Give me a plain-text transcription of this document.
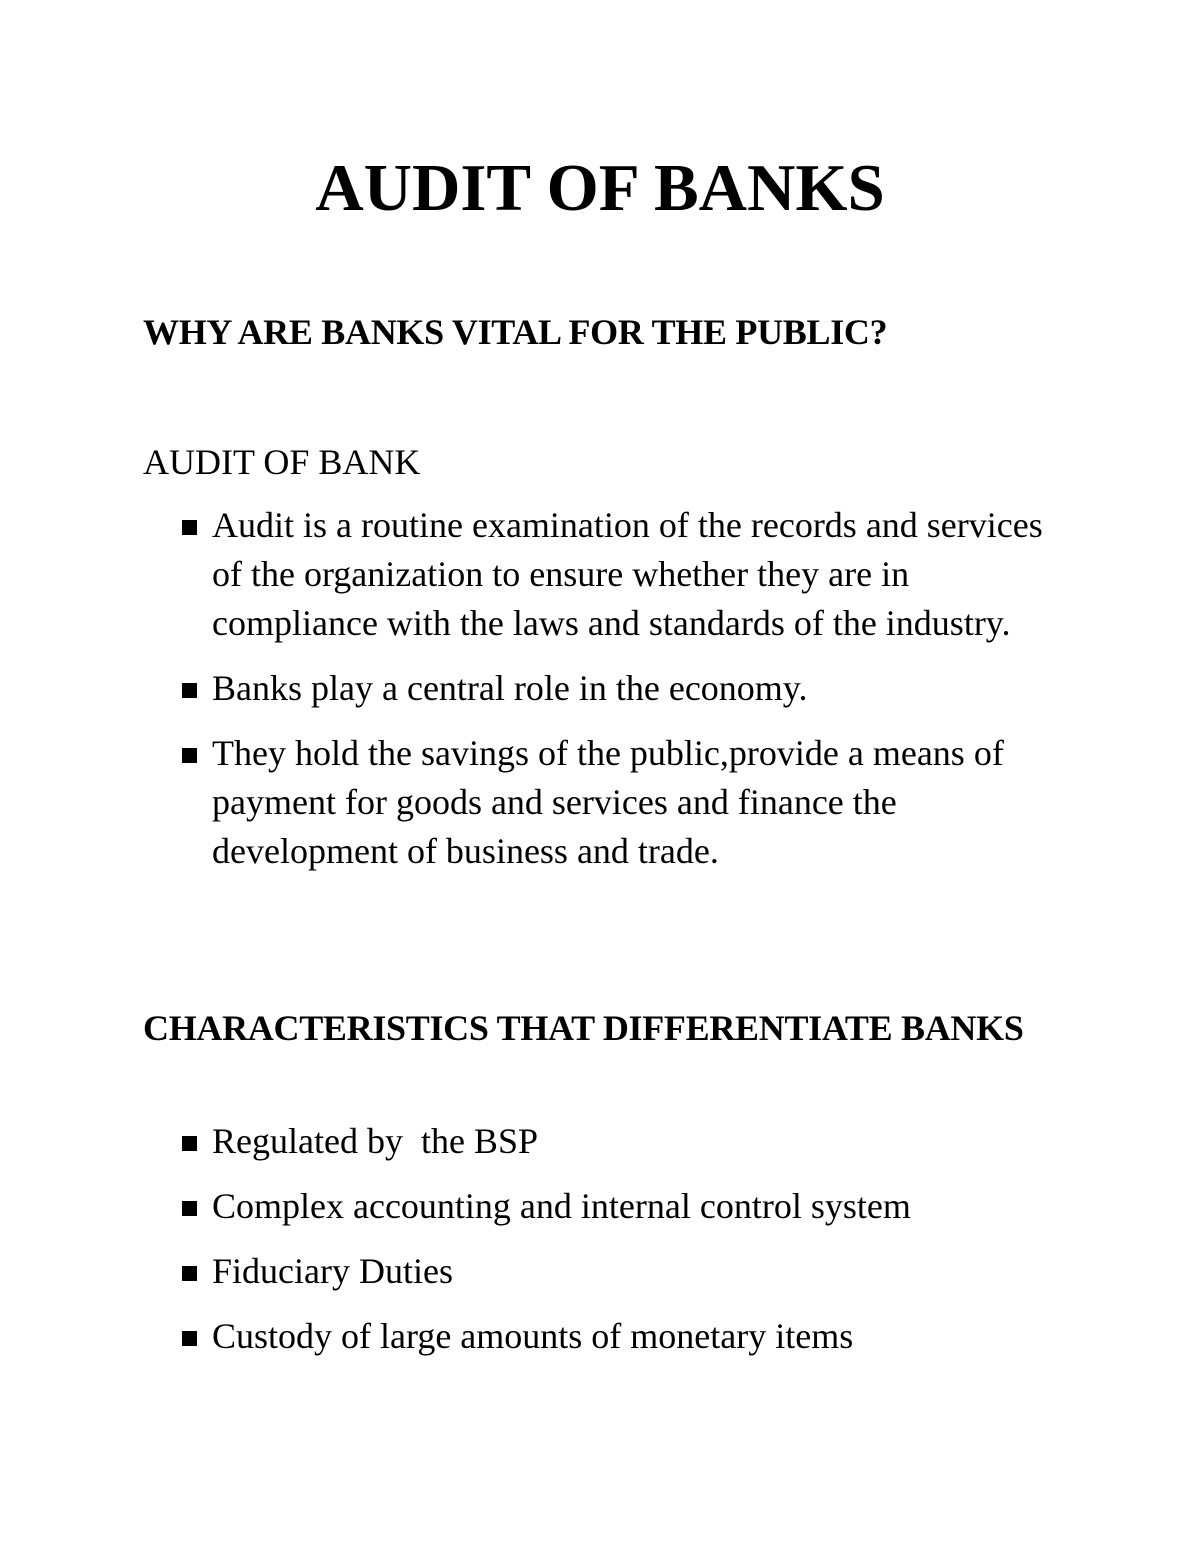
AUDIT OF BANKS
WHY ARE BANKS VITAL FOR THE PUBLIC?

AUDIT OF BANK

Audit is a routine examination of the records and services of the organization to ensure whether they are in compliance with the laws and standards of the industry.
Banks play a central role in the economy.
They hold the savings of the public,provide a means of payment for goods and services and finance the development of business and trade.
CHARACTERISTICS THAT DIFFERENTIATE BANKS
Regulated by  the BSP
Complex accounting and internal control system
Fiduciary Duties
Custody of large amounts of monetary items
